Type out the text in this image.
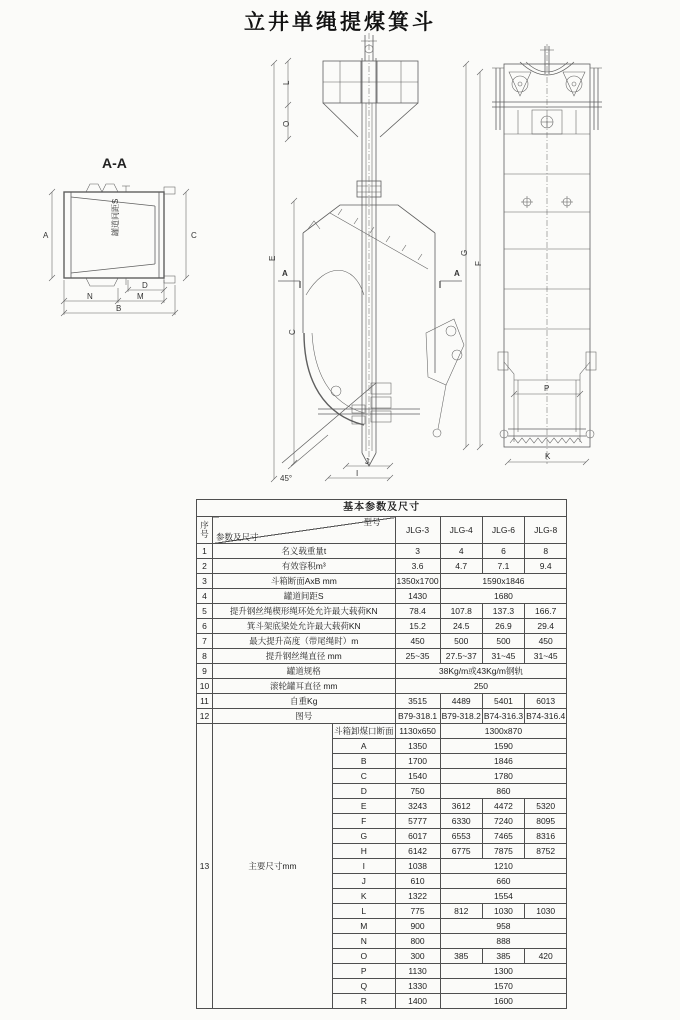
立井单绳提煤箕斗
A-A
罐道间距S
A	C
D
N	M
B
A	A
E
L
O
C
J
I
45°
P
K
G
F
基本参数及尺寸						
序号	参数及尺寸
型号		JLG-3	JLG-4	JLG-6	JLG-8
1	名义载重量t		3	4	6	8
2	有效容积m³		3.6	4.7	7.1	9.4
3	斗箱断面AxB mm		1350x1700	1590x1846		
4	罐道间距S		1430	1680		
5	提升钢丝绳楔形绳环处允许最大载荷KN		78.4	107.8	137.3	166.7
6	箕斗架底梁处允许最大载荷KN		15.2	24.5	26.9	29.4
7	最大提升高度（带尾绳时）m		450	500	500	450
8	提升钢丝绳直径 mm		25~35	27.5~37	31~45	31~45
9	罐道规格		38Kg/m或43Kg/m钢轨			
10	滚轮罐耳直径 mm		250			
11	自重Kg		3515	4489	5401	6013
12	图号		B79-318.1	B79-318.2	B74-316.3	B74-316.4
13	主要尺寸mm	斗箱卸煤口断面	1130x650	1300x870		
		A	1350	1590		
		B	1700	1846		
		C	1540	1780		
		D	750	860		
		E	3243	3612	4472	5320
		F	5777	6330	7240	8095
		G	6017	6553	7465	8316
		H	6142	6775	7875	8752
		I	1038	1210		
		J	610	660		
		K	1322	1554		
		L	775	812	1030	1030
		M	900	958		
		N	800	888		
		O	300	385	385	420
		P	1130	1300		
		Q	1330	1570		
		R	1400	1600		
